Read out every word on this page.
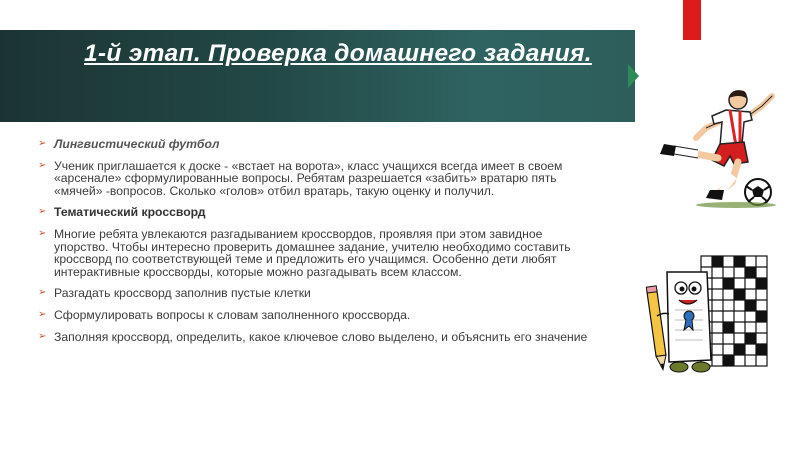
1-й этап. Проверка домашнего задания.
➢ Лингвистический футбол
➢ Ученик приглашается к доске - «встает на ворота», класс учащихся всегда имеет в своем «арсенале» сформулированные вопросы. Ребятам разрешается «забить» вратарю пять «мячей» -вопросов. Сколько «голов» отбил вратарь, такую оценку и получил.
➢ Тематический кроссворд
➢ Многие ребята увлекаются разгадыванием кроссвордов, проявляя при этом завидное упорство. Чтобы интересно проверить домашнее задание, учителю необходимо составить кроссворд по соответствующей теме и предложить его учащимся. Особенно дети любят интерактивные кроссворды, которые можно разгадывать всем классом.
➢ Разгадать кроссворд заполнив пустые клетки
➢ Сформулировать вопросы к словам заполненного кроссворда.
➢ Заполняя кроссворд, определить, какое ключевое слово выделено, и объяснить его значение
